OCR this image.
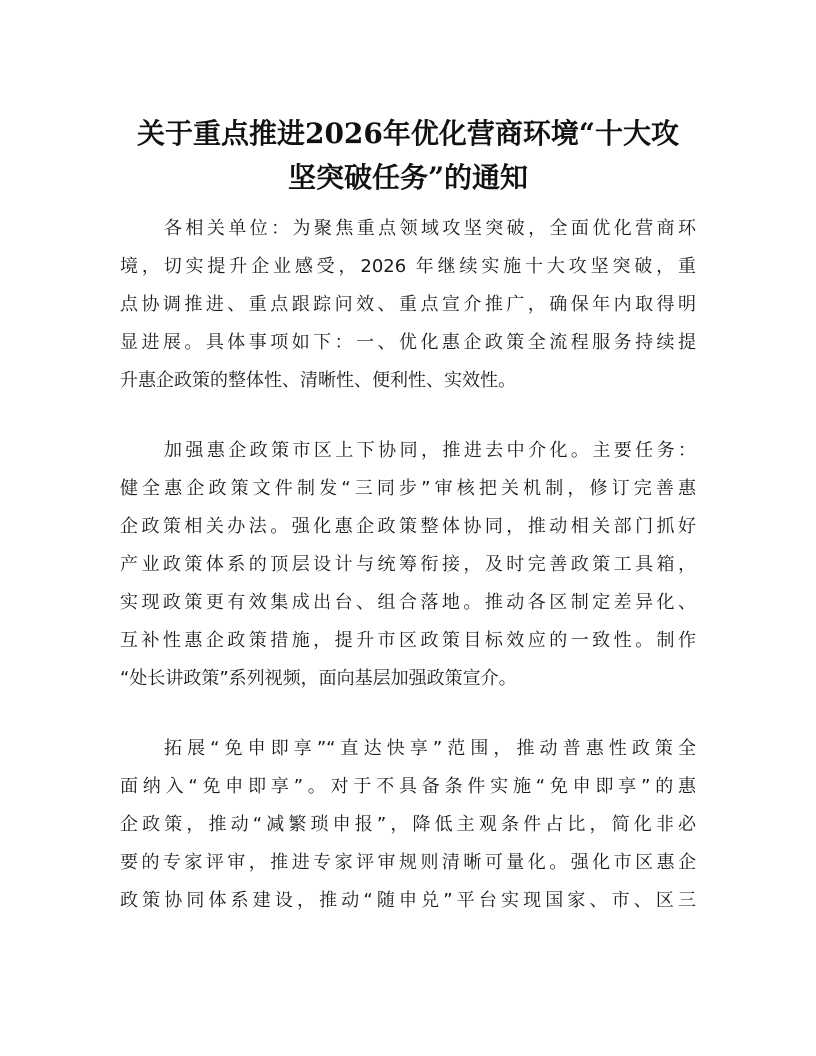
关于重点推进2026年优化营商环境“十大攻
坚突破任务”的通知
各相关单位：为聚焦重点领域攻坚突破，全面优化营商环
境，切实提升企业感受，2026 年继续实施十大攻坚突破，重
点协调推进、重点跟踪问效、重点宣介推广，确保年内取得明
显进展。具体事项如下：一、优化惠企政策全流程服务持续提
升惠企政策的整体性、清晰性、便利性、实效性。
加强惠企政策市区上下协同，推进去中介化。主要任务：
健全惠企政策文件制发“三同步”审核把关机制，修订完善惠
企政策相关办法。强化惠企政策整体协同，推动相关部门抓好
产业政策体系的顶层设计与统筹衔接，及时完善政策工具箱，
实现政策更有效集成出台、组合落地。推动各区制定差异化、
互补性惠企政策措施，提升市区政策目标效应的一致性。制作
“处长讲政策”系列视频，面向基层加强政策宣介。
拓展“免申即享”“直达快享”范围，推动普惠性政策全
面纳入“免申即享”。对于不具备条件实施“免申即享”的惠
企政策，推动“减繁琐申报”，降低主观条件占比，简化非必
要的专家评审，推进专家评审规则清晰可量化。强化市区惠企
政策协同体系建设，推动“随申兑”平台实现国家、市、区三
